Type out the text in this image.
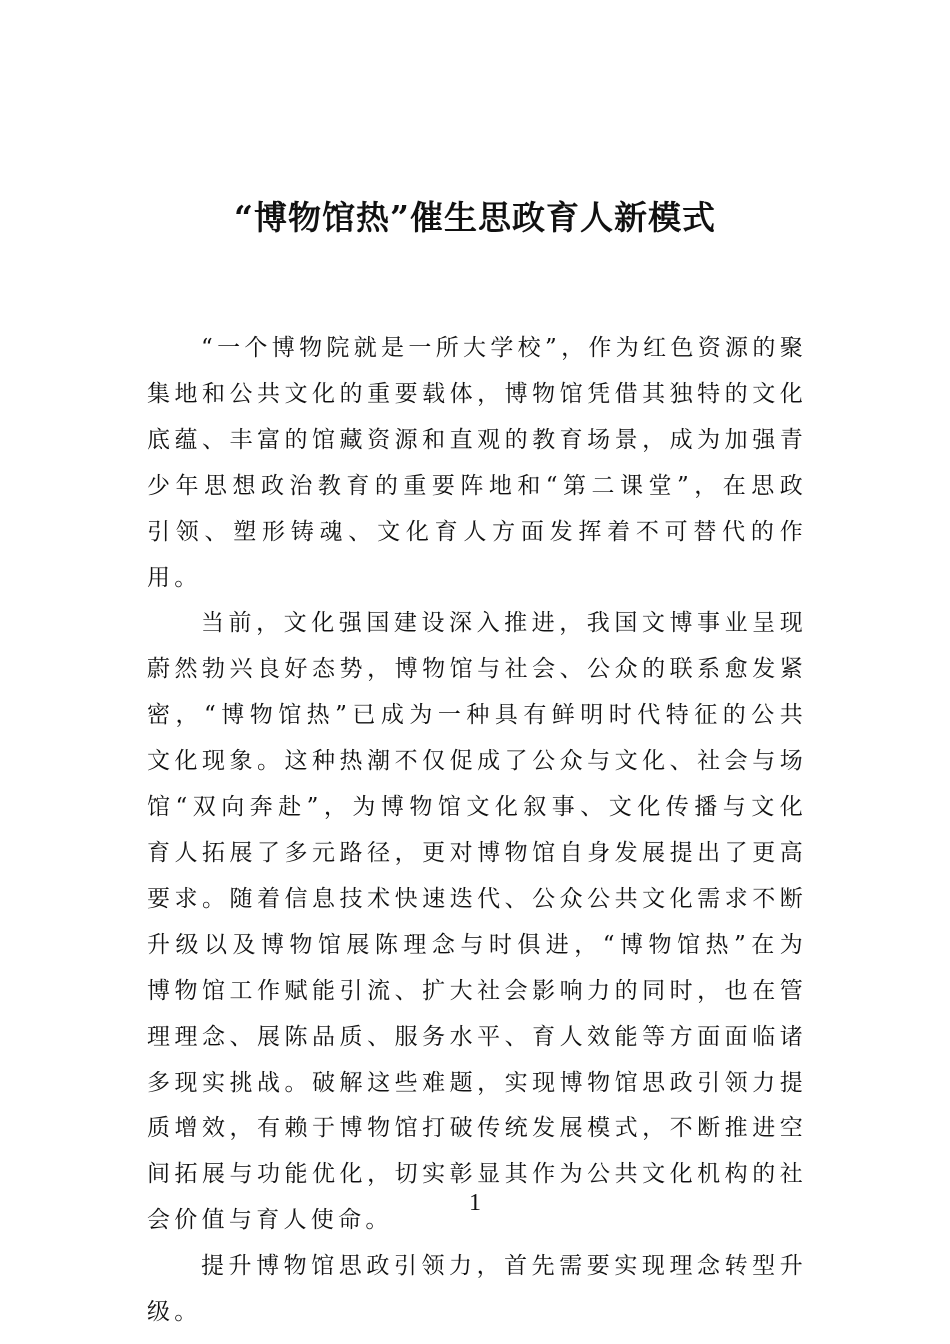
“博物馆热”催生思政育人新模式

“一个博物院就是一所大学校”，作为红色资源的聚集地和公共文化的重要载体，博物馆凭借其独特的文化底蕴、丰富的馆藏资源和直观的教育场景，成为加强青少年思想政治教育的重要阵地和“第二课堂”，在思政引领、塑形铸魂、文化育人方面发挥着不可替代的作用。

当前，文化强国建设深入推进，我国文博事业呈现蔚然勃兴良好态势，博物馆与社会、公众的联系愈发紧密，“博物馆热”已成为一种具有鲜明时代特征的公共文化现象。这种热潮不仅促成了公众与文化、社会与场馆“双向奔赴”，为博物馆文化叙事、文化传播与文化育人拓展了多元路径，更对博物馆自身发展提出了更高要求。随着信息技术快速迭代、公众公共文化需求不断升级以及博物馆展陈理念与时俱进，“博物馆热”在为博物馆工作赋能引流、扩大社会影响力的同时，也在管理理念、展陈品质、服务水平、育人效能等方面面临诸多现实挑战。破解这些难题，实现博物馆思政引领力提质增效，有赖于博物馆打破传统发展模式，不断推进空间拓展与功能优化，切实彰显其作为公共文化机构的社会价值与育人使命。

提升博物馆思政引领力，首先需要实现理念转型升级。

1
